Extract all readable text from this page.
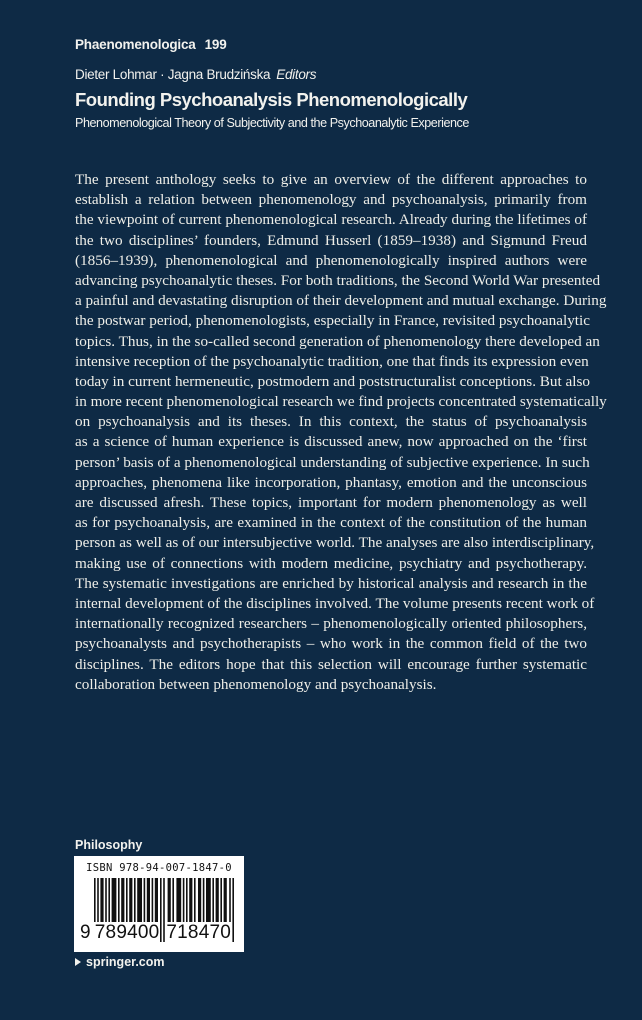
Phaenomenologica 199
Dieter Lohmar · Jagna Brudzińska Editors
Founding Psychoanalysis Phenomenologically
Phenomenological Theory of Subjectivity and the Psychoanalytic Experience
The present anthology seeks to give an overview of the different approaches to
establish a relation between phenomenology and psychoanalysis, primarily from
the viewpoint of current phenomenological research. Already during the lifetimes of
the two disciplines’ founders, Edmund Husserl (1859–1938) and Sigmund Freud
(1856–1939), phenomenological and phenomenologically inspired authors were
advancing psychoanalytic theses. For both traditions, the Second World War presented
a painful and devastating disruption of their development and mutual exchange. During
the postwar period, phenomenologists, especially in France, revisited psychoanalytic
topics. Thus, in the so-called second generation of phenomenology there developed an
intensive reception of the psychoanalytic tradition, one that finds its expression even
today in current hermeneutic, postmodern and poststructuralist conceptions. But also
in more recent phenomenological research we find projects concentrated systematically
on psychoanalysis and its theses. In this context, the status of psychoanalysis
as a science of human experience is discussed anew, now approached on the ‘first
person’ basis of a phenomenological understanding of subjective experience. In such
approaches, phenomena like incorporation, phantasy, emotion and the unconscious
are discussed afresh. These topics, important for modern phenomenology as well
as for psychoanalysis, are examined in the context of the constitution of the human
person as well as of our intersubjective world. The analyses are also interdisciplinary,
making use of connections with modern medicine, psychiatry and psychotherapy.
The systematic investigations are enriched by historical analysis and research in the
internal development of the disciplines involved. The volume presents recent work of
internationally recognized researchers – phenomenologically oriented philosophers,
psychoanalysts and psychotherapists – who work in the common field of the two
disciplines. The editors hope that this selection will encourage further systematic
collaboration between phenomenology and psychoanalysis.
Philosophy
ISBN 978-94-007-1847-0
9 789400 718470
springer.com
